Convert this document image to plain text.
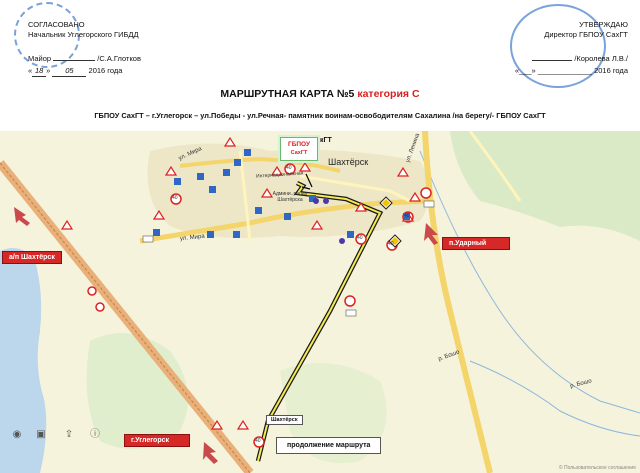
СОГЛАСОВАНО
Начальник Углегорского ГИБДД
Майор	/С.А.Глотков
« 18 » 05 2016 года
УТВЕРЖДАЮ
Директор ГБПОУ СахГТ
/Королева Л.В./
«___» _____________ 2016 года
МАРШРУТНАЯ КАРТА №5 категория С
ГБПОУ СахГТ – г.Углегорск – ул.Победы - ул.Речная- памятник воинам-освободителям Сахалина /на берегу/- ГБПОУ СахГТ
ул. Мира
ул. Мира
Интернациональная
ул. Ленина
р. Бошо
р. Бошо
Админи..рация Шахтёрска
Шахтёрск
кГТ
ГБПОУ
СахГТ
40
40
40
40
40
40	п.Ударный
а/п Шахтёрск
г.Углегорск
Шахтёрск
продолжение маршрута
◉ ▣ ⇪ ⓘ
© Пользовательское соглашение
